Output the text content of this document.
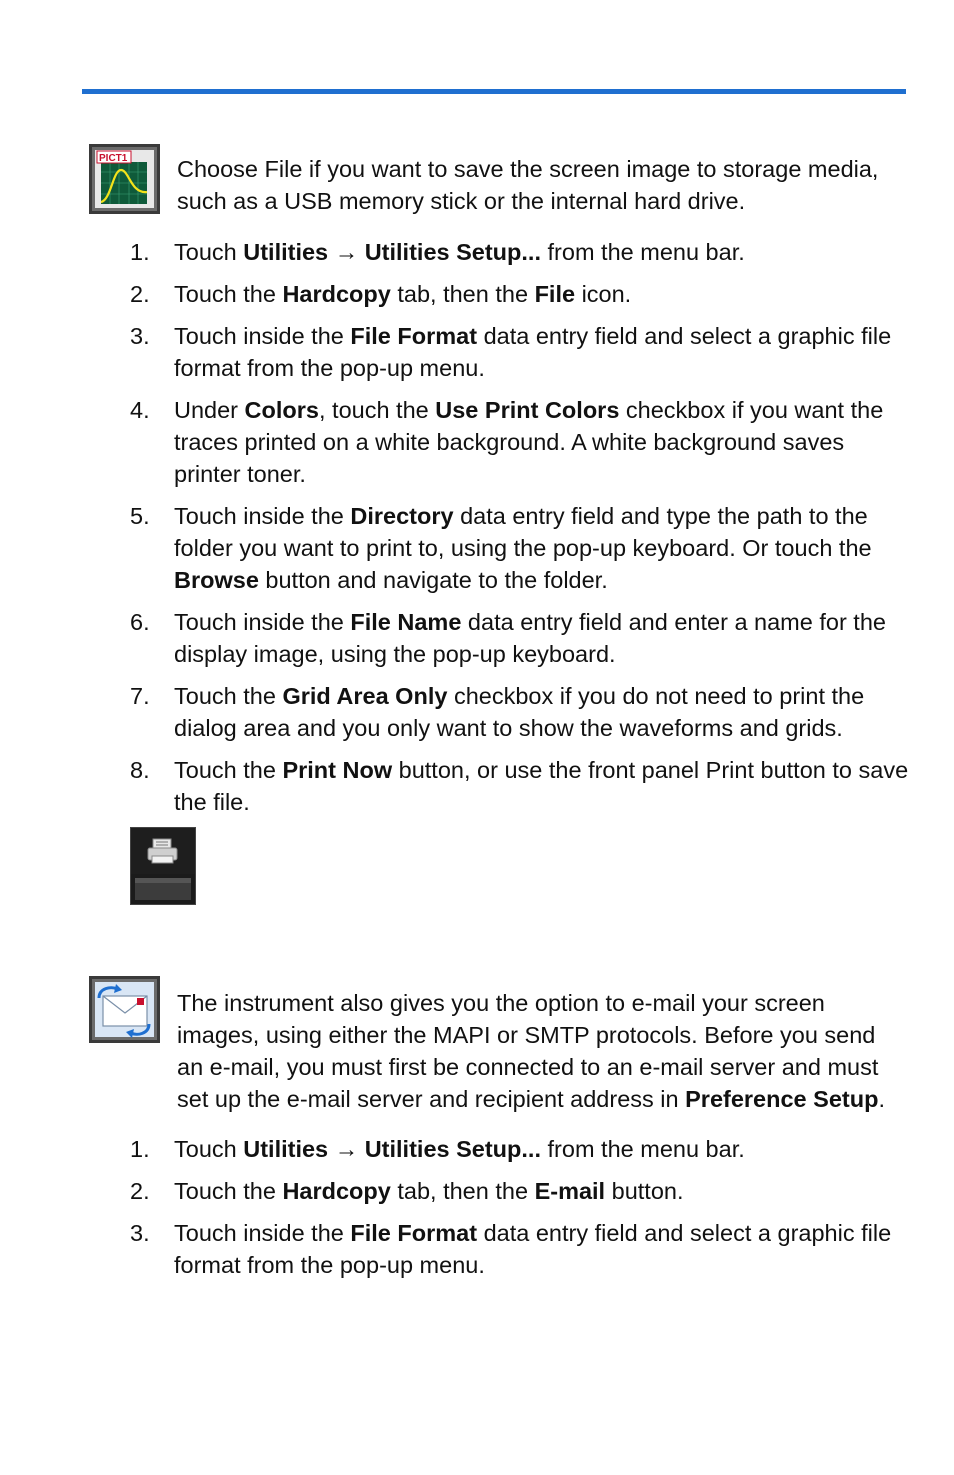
PICT1 Choose File if you want to save the screen image to storage media, such as a USB memory stick or the internal hard drive.
1. Touch Utilities → Utilities Setup... from the menu bar.
2. Touch the Hardcopy tab, then the File icon.
3. Touch inside the File Format data entry field and select a graphic file format from the pop-up menu.
4. Under Colors, touch the Use Print Colors checkbox if you want the traces printed on a white background. A white background saves printer toner.
5. Touch inside the Directory data entry field and type the path to the folder you want to print to, using the pop-up keyboard. Or touch the Browse button and navigate to the folder.
6. Touch inside the File Name data entry field and enter a name for the display image, using the pop-up keyboard.
7. Touch the Grid Area Only checkbox if you do not need to print the dialog area and you only want to show the waveforms and grids.
8. Touch the Print Now button, or use the front panel Print button to save the file.
The instrument also gives you the option to e-mail your screen images, using either the MAPI or SMTP protocols. Before you send an e-mail, you must first be connected to an e-mail server and must set up the e-mail server and recipient address in Preference Setup.
1. Touch Utilities → Utilities Setup... from the menu bar.
2. Touch the Hardcopy tab, then the E-mail button.
3. Touch inside the File Format data entry field and select a graphic file format from the pop-up menu.
